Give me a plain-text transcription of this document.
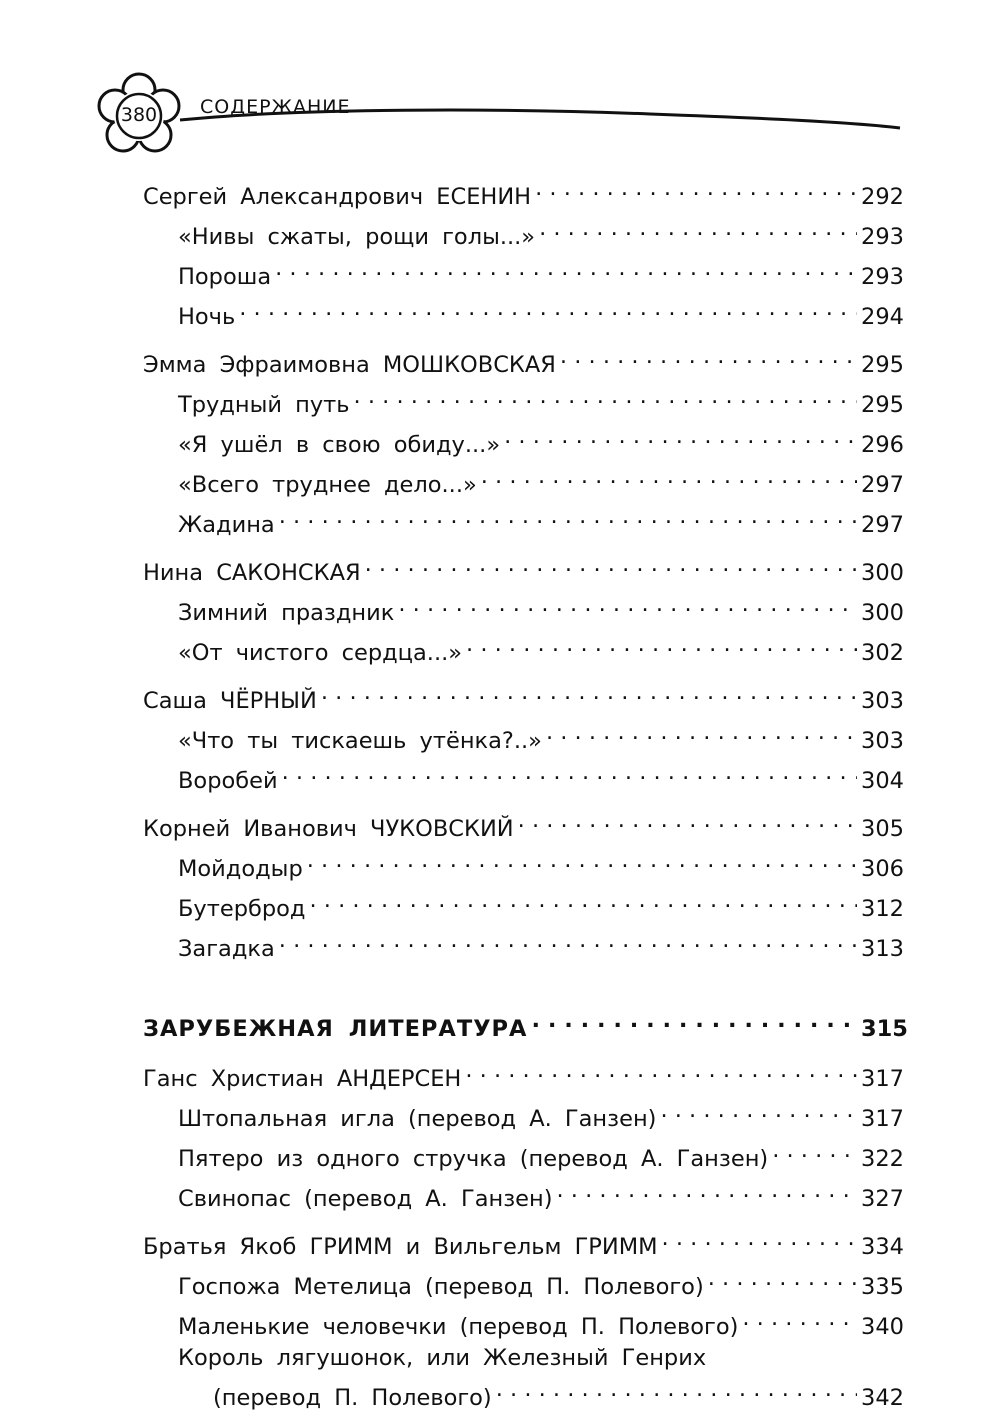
380	СОДЕРЖАНИЕ
Сергей Александрович ЕСЕНИН . . .	292
«Нивы сжаты, рощи голы...» . . .	293
Пороша . . .	293
Ночь . . .	294
Эмма Эфраимовна МОШКОВСКАЯ . . .	295
Трудный путь . . .	295
«Я ушёл в свою обиду...» . . .	296
«Всего труднее дело...» . . .	297
Жадина . . .	297
Нина САКОНСКАЯ . . .	300
Зимний праздник . . .	300
«От чистого сердца...» . . .	302
Саша ЧЁРНЫЙ . . .	303
«Что ты тискаешь утёнка?..» . . .	303
Воробей . . .	304
Корней Иванович ЧУКОВСКИЙ . . .	305
Мойдодыр . . .	306
Бутерброд . . .	312
Загадка . . .	313
ЗАРУБЕЖНАЯ ЛИТЕРАТУРА . . .	315
Ганс Христиан АНДЕРСЕН . . .	317
Штопальная игла (перевод А. Ганзен) . . .	317
Пятеро из одного стручка (перевод А. Ганзен) . . .	322
Свинопас (перевод А. Ганзен) . . .	327
Братья Якоб ГРИММ и Вильгельм ГРИММ . . .	334
Госпожа Метелица (перевод П. Полевого) . . .	335
Маленькие человечки (перевод П. Полевого) . . .	340
Король лягушонок, или Железный Генрих
(перевод П. Полевого) . . .	342
